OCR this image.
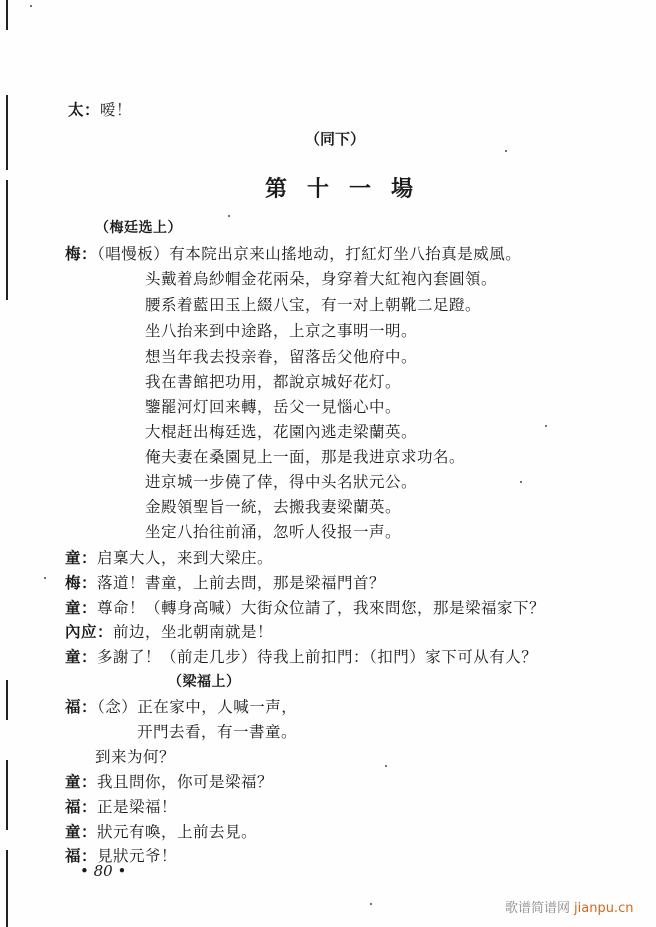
太：嗳！
（同下）
第十一場
（梅廷选上）
梅：（唱慢板）有本院出京来山搖地动，打紅灯坐八抬真是威風。
头戴着烏紗帽金花兩朵，身穿着大紅袍內套圓領。
腰系着藍田玉上綴八宝，有一对上朝靴二足蹬。
坐八抬来到中途路，上京之事明一明。
想当年我去投亲眷，留落岳父他府中。
我在書館把功用，都說京城好花灯。
鑒罷河灯回来轉，岳父一見惱心中。
大棍赶出梅廷选，花園內逃走梁蘭英。
俺夫妻在桑園見上一面，那是我进京求功名。
进京城一步僥了倖，得中头名狀元公。
金殿領聖旨一統，去搬我妻梁蘭英。
坐定八抬往前涌，忽听人役报一声。
童：启稟大人，来到大梁庄。
梅：落道！書童，上前去問，那是梁福門首？
童：尊命！（轉身高喊）大街众位請了，我來問您，那是梁福家下？
內应：前边，坐北朝南就是！
童：多謝了！（前走几步）待我上前扣門：（扣門）家下可从有人？
（梁福上）
福：（念）正在家中，人喊一声，
开門去看，有一書童。
到来为何？
童：我且問你，你可是梁福？
福：正是梁福！
童：狀元有喚，上前去見。
福：見狀元爷！
• 80 •
歌谱简谱网 jianpu.cn
